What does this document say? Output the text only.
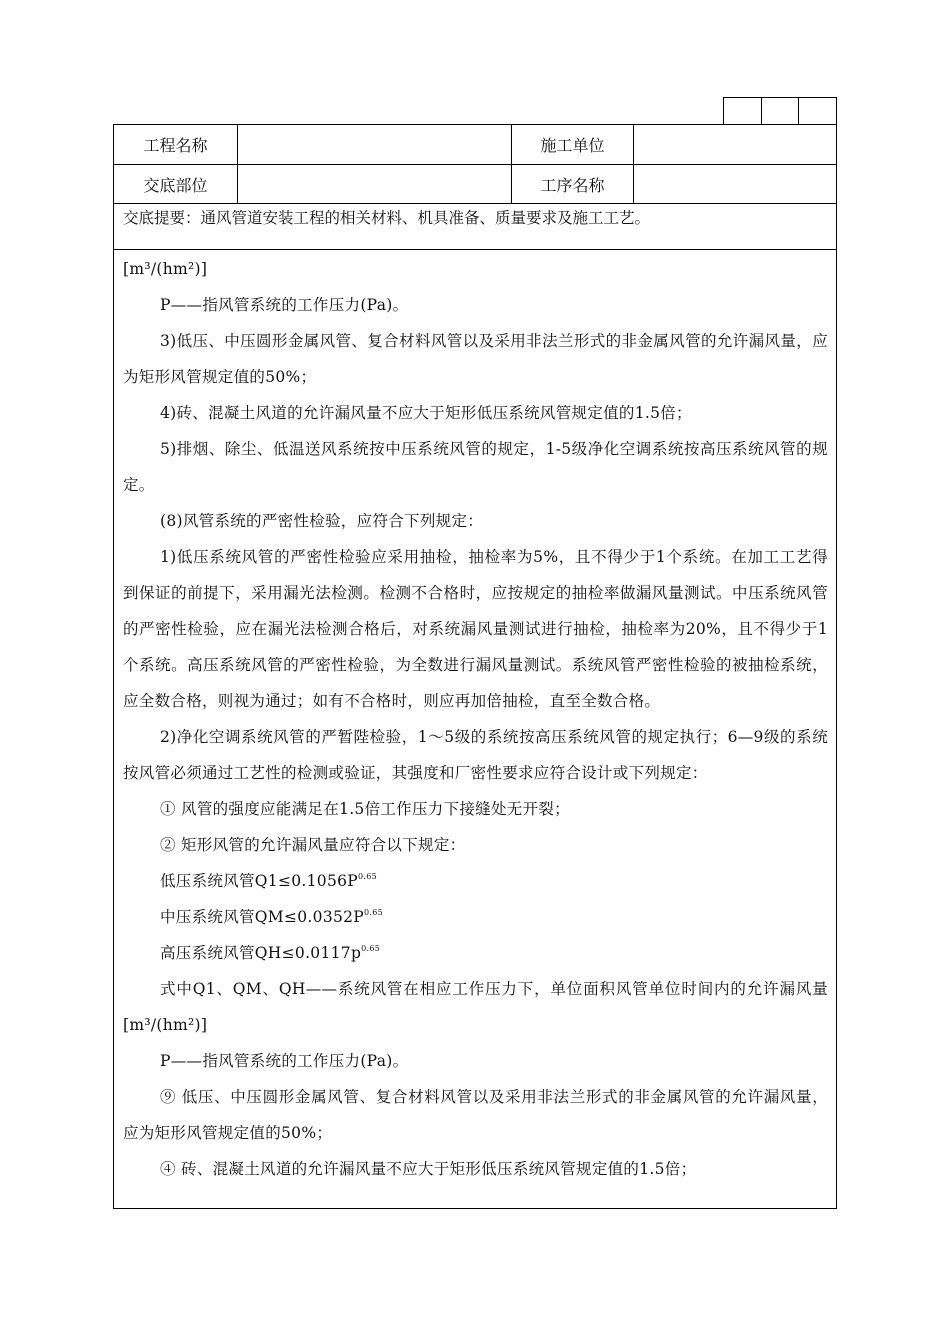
工程名称	施工单位
交底部位	工序名称
交底提要：通风管道安装工程的相关材料、机具准备、质量要求及施工工艺。

[m³/(hm²)]

P——指风管系统的工作压力(Pa)。

3)低压、中压圆形金属风管、复合材料风管以及采用非法兰形式的非金属风管的允许漏风量，应为矩形风管规定值的50%；

4)砖、混凝土风道的允许漏风量不应大于矩形低压系统风管规定值的1.5倍；

5)排烟、除尘、低温送风系统按中压系统风管的规定，1-5级净化空调系统按高压系统风管的规定。

(8)风管系统的严密性检验，应符合下列规定：

1)低压系统风管的严密性检验应采用抽检，抽检率为5%，且不得少于1个系统。在加工工艺得到保证的前提下，采用漏光法检测。检测不合格时，应按规定的抽检率做漏风量测试。中压系统风管的严密性检验，应在漏光法检测合格后，对系统漏风量测试进行抽检，抽检率为20%，且不得少于1个系统。高压系统风管的严密性检验，为全数进行漏风量测试。系统风管严密性检验的被抽检系统，应全数合格，则视为通过；如有不合格时，则应再加倍抽检，直至全数合格。

2)净化空调系统风管的严暂陛检验，1～5级的系统按高压系统风管的规定执行；6—9级的系统按风管必须通过工艺性的检测或验证，其强度和厂密性要求应符合设计或下列规定：

① 风管的强度应能满足在1.5倍工作压力下接缝处无开裂；

② 矩形风管的允许漏风量应符合以下规定：

低压系统风管$Q1\le 0.1056P^{0.65}$

中压系统风管$QM\le 0.0352P^{0.65}$

高压系统风管$QH\le 0.0117p^{0.65}$

式中Q1、QM、QH——系统风管在相应工作压力下，单位面积风管单位时间内的允许漏风量[m³/(hm²)]

P——指风管系统的工作压力(Pa)。

⑨ 低压、中压圆形金属风管、复合材料风管以及采用非法兰形式的非金属风管的允许漏风量，应为矩形风管规定值的50%；

④ 砖、混凝土风道的允许漏风量不应大于矩形低压系统风管规定值的1.5倍；
